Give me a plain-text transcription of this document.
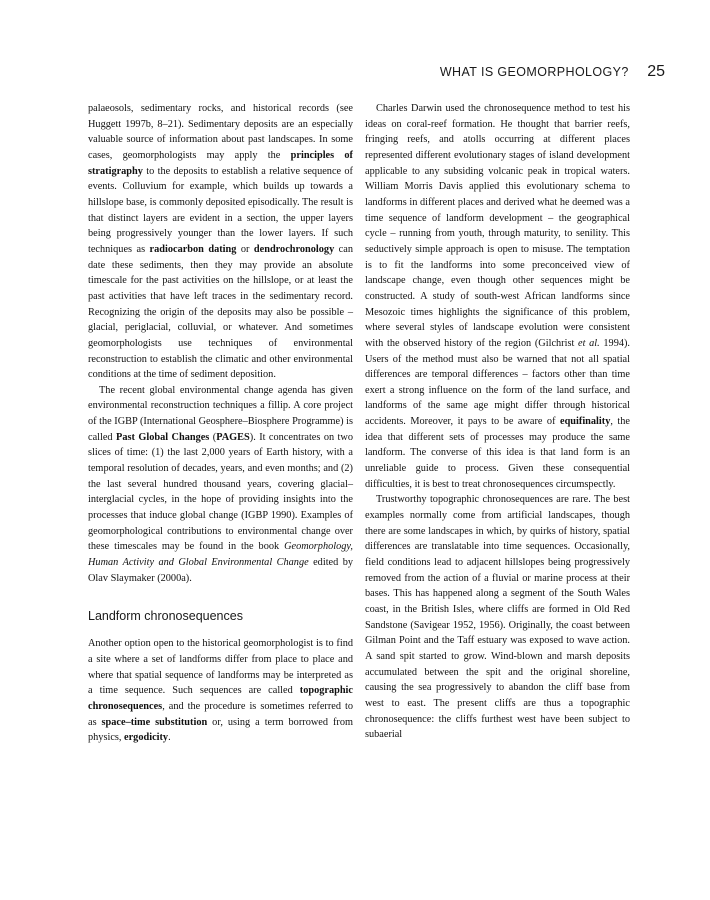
WHAT IS GEOMORPHOLOGY? 25

palaeosols, sedimentary rocks, and historical records (see Huggett 1997b, 8–21). Sedimentary deposits are an especially valuable source of information about past landscapes. In some cases, geomorphologists may apply the principles of stratigraphy to the deposits to establish a relative sequence of events. Colluvium for example, which builds up towards a hillslope base, is commonly deposited episodically. The result is that distinct layers are evident in a section, the upper layers being progressively younger than the lower layers. If such techniques as radiocarbon dating or dendrochronology can date these sediments, then they may provide an absolute timescale for the past activities on the hillslope, or at least the past activities that have left traces in the sedimentary record. Recognizing the origin of the deposits may also be possible – glacial, periglacial, colluvial, or whatever. And sometimes geomorphologists use techniques of environmental reconstruction to establish the climatic and other environmental conditions at the time of sediment deposition.

The recent global environmental change agenda has given environmental reconstruction techniques a fillip. A core project of the IGBP (International Geosphere–Biosphere Programme) is called Past Global Changes (PAGES). It concentrates on two slices of time: (1) the last 2,000 years of Earth history, with a temporal resolution of decades, years, and even months; and (2) the last several hundred thousand years, covering glacial–interglacial cycles, in the hope of providing insights into the processes that induce global change (IGBP 1990). Examples of geomorphological contributions to environmental change over these timescales may be found in the book Geomorphology, Human Activity and Global Environmental Change edited by Olav Slaymaker (2000a).

Landform chronosequences

Another option open to the historical geomorphologist is to find a site where a set of landforms differ from place to place and where that spatial sequence of landforms may be interpreted as a time sequence. Such sequences are called topographic chronosequences, and the procedure is sometimes referred to as space–time substitution or, using a term borrowed from physics, ergodicity.

Charles Darwin used the chronosequence method to test his ideas on coral-reef formation. He thought that barrier reefs, fringing reefs, and atolls occurring at different places represented different evolutionary stages of island development applicable to any subsiding volcanic peak in tropical waters. William Morris Davis applied this evolutionary schema to landforms in different places and derived what he deemed was a time sequence of landform development – the geographical cycle – running from youth, through maturity, to senility. This seductively simple approach is open to misuse. The temptation is to fit the landforms into some preconceived view of landscape change, even though other sequences might be constructed. A study of south-west African landforms since Mesozoic times highlights the significance of this problem, where several styles of landscape evolution were consistent with the observed history of the region (Gilchrist et al. 1994). Users of the method must also be warned that not all spatial differences are temporal differences – factors other than time exert a strong influence on the form of the land surface, and landforms of the same age might differ through historical accidents. Moreover, it pays to be aware of equifinality, the idea that different sets of processes may produce the same landform. The converse of this idea is that land form is an unreliable guide to process. Given these consequential difficulties, it is best to treat chronosequences circumspectly.

Trustworthy topographic chronosequences are rare. The best examples normally come from artificial landscapes, though there are some landscapes in which, by quirks of history, spatial differences are translatable into time sequences. Occasionally, field conditions lead to adjacent hillslopes being progressively removed from the action of a fluvial or marine process at their bases. This has happened along a segment of the South Wales coast, in the British Isles, where cliffs are formed in Old Red Sandstone (Savigear 1952, 1956). Originally, the coast between Gilman Point and the Taff estuary was exposed to wave action. A sand spit started to grow. Wind-blown and marsh deposits accumulated between the spit and the original shoreline, causing the sea progressively to abandon the cliff base from west to east. The present cliffs are thus a topographic chronosequence: the cliffs furthest west have been subject to subaerial
